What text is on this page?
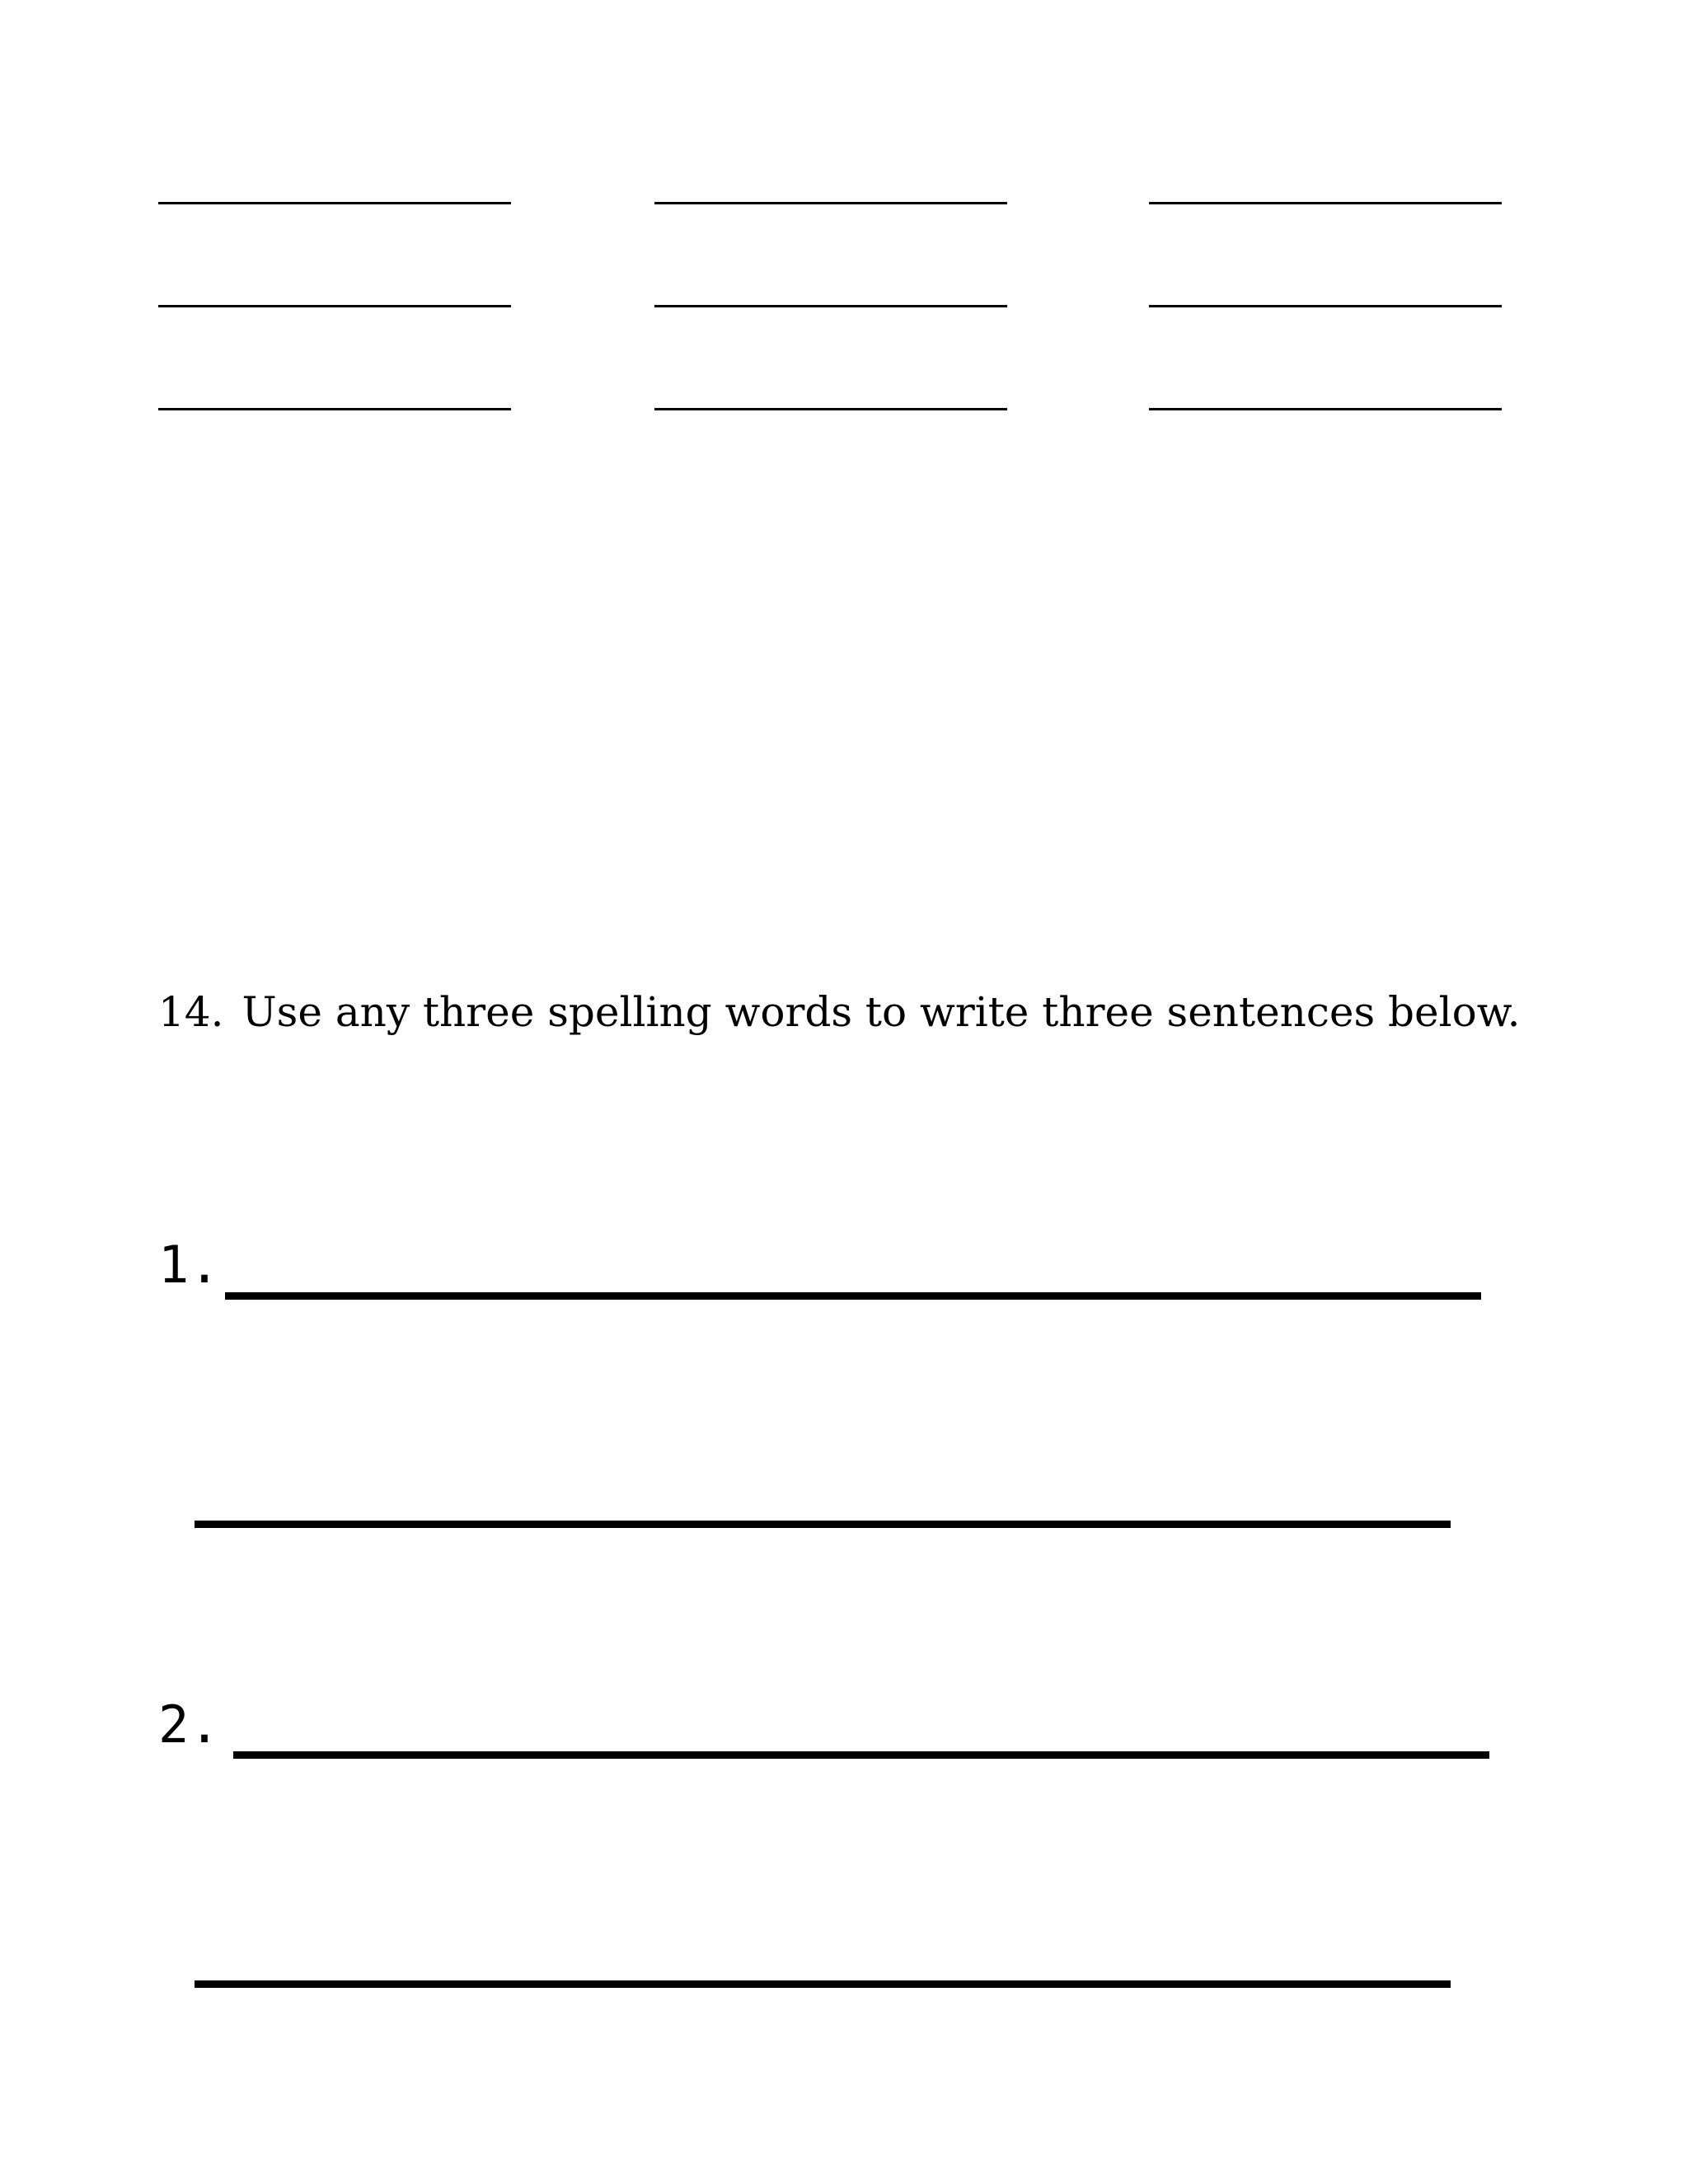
14. Use any three spelling words to write three sentences below.
1.
2.
